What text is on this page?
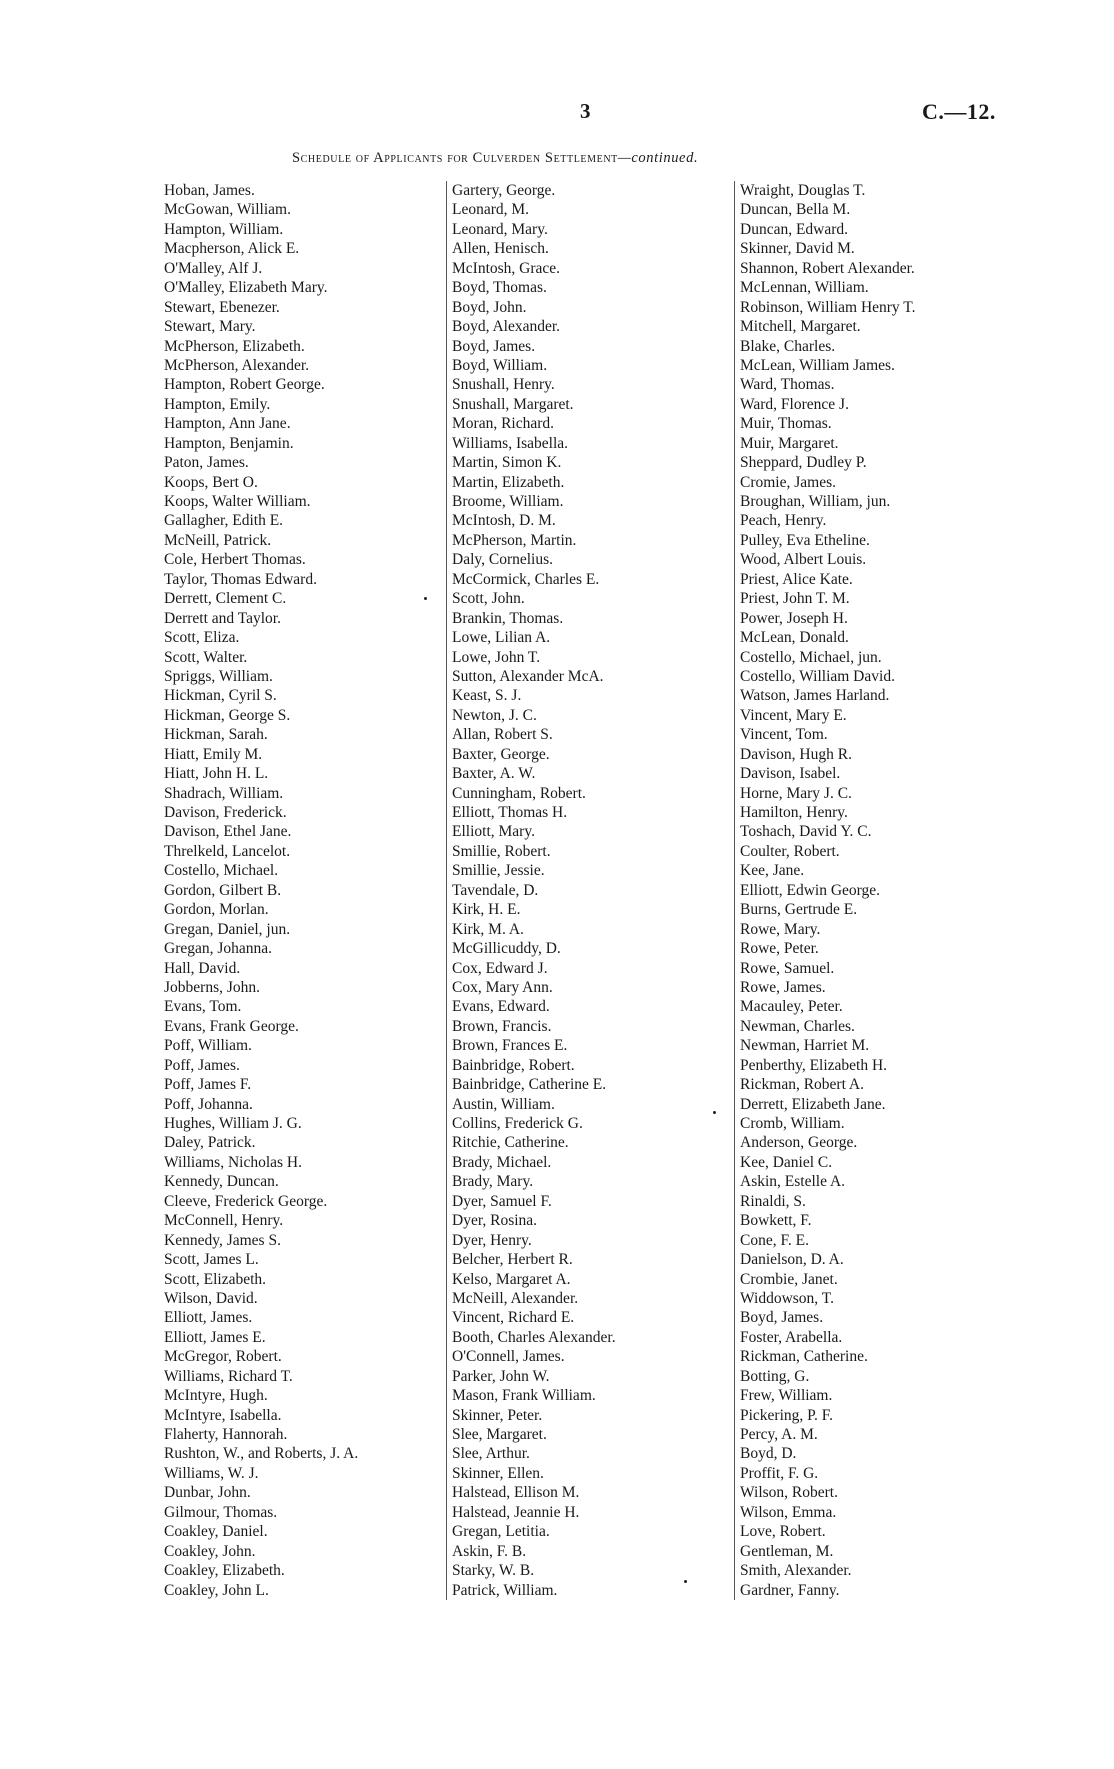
3	C.—12.
Schedule of Applicants for Culverden Settlement—continued.
Hoban, James.
McGowan, William.
Hampton, William.
Macpherson, Alick E.
O'Malley, Alf J.
O'Malley, Elizabeth Mary.
Stewart, Ebenezer.
Stewart, Mary.
McPherson, Elizabeth.
McPherson, Alexander.
Hampton, Robert George.
Hampton, Emily.
Hampton, Ann Jane.
Hampton, Benjamin.
Paton, James.
Koops, Bert O.
Koops, Walter William.
Gallagher, Edith E.
McNeill, Patrick.
Cole, Herbert Thomas.
Taylor, Thomas Edward.
Derrett, Clement C.
Derrett and Taylor.
Scott, Eliza.
Scott, Walter.
Spriggs, William.
Hickman, Cyril S.
Hickman, George S.
Hickman, Sarah.
Hiatt, Emily M.
Hiatt, John H. L.
Shadrach, William.
Davison, Frederick.
Davison, Ethel Jane.
Threlkeld, Lancelot.
Costello, Michael.
Gordon, Gilbert B.
Gordon, Morlan.
Gregan, Daniel, jun.
Gregan, Johanna.
Hall, David.
Jobberns, John.
Evans, Tom.
Evans, Frank George.
Poff, William.
Poff, James.
Poff, James F.
Poff, Johanna.
Hughes, William J. G.
Daley, Patrick.
Williams, Nicholas H.
Kennedy, Duncan.
Cleeve, Frederick George.
McConnell, Henry.
Kennedy, James S.
Scott, James L.
Scott, Elizabeth.
Wilson, David.
Elliott, James.
Elliott, James E.
McGregor, Robert.
Williams, Richard T.
McIntyre, Hugh.
McIntyre, Isabella.
Flaherty, Hannorah.
Rushton, W., and Roberts, J. A.
Williams, W. J.
Dunbar, John.
Gilmour, Thomas.
Coakley, Daniel.
Coakley, John.
Coakley, Elizabeth.
Coakley, John L.
Gartery, George.
Leonard, M.
Leonard, Mary.
Allen, Henisch.
McIntosh, Grace.
Boyd, Thomas.
Boyd, John.
Boyd, Alexander.
Boyd, James.
Boyd, William.
Snushall, Henry.
Snushall, Margaret.
Moran, Richard.
Williams, Isabella.
Martin, Simon K.
Martin, Elizabeth.
Broome, William.
McIntosh, D. M.
McPherson, Martin.
Daly, Cornelius.
McCormick, Charles E.
Scott, John.
Brankin, Thomas.
Lowe, Lilian A.
Lowe, John T.
Sutton, Alexander McA.
Keast, S. J.
Newton, J. C.
Allan, Robert S.
Baxter, George.
Baxter, A. W.
Cunningham, Robert.
Elliott, Thomas H.
Elliott, Mary.
Smillie, Robert.
Smillie, Jessie.
Tavendale, D.
Kirk, H. E.
Kirk, M. A.
McGillicuddy, D.
Cox, Edward J.
Cox, Mary Ann.
Evans, Edward.
Brown, Francis.
Brown, Frances E.
Bainbridge, Robert.
Bainbridge, Catherine E.
Austin, William.
Collins, Frederick G.
Ritchie, Catherine.
Brady, Michael.
Brady, Mary.
Dyer, Samuel F.
Dyer, Rosina.
Dyer, Henry.
Belcher, Herbert R.
Kelso, Margaret A.
McNeill, Alexander.
Vincent, Richard E.
Booth, Charles Alexander.
O'Connell, James.
Parker, John W.
Mason, Frank William.
Skinner, Peter.
Slee, Margaret.
Slee, Arthur.
Skinner, Ellen.
Halstead, Ellison M.
Halstead, Jeannie H.
Gregan, Letitia.
Askin, F. B.
Starky, W. B.
Patrick, William.
Wraight, Douglas T.
Duncan, Bella M.
Duncan, Edward.
Skinner, David M.
Shannon, Robert Alexander.
McLennan, William.
Robinson, William Henry T.
Mitchell, Margaret.
Blake, Charles.
McLean, William James.
Ward, Thomas.
Ward, Florence J.
Muir, Thomas.
Muir, Margaret.
Sheppard, Dudley P.
Cromie, James.
Broughan, William, jun.
Peach, Henry.
Pulley, Eva Etheline.
Wood, Albert Louis.
Priest, Alice Kate.
Priest, John T. M.
Power, Joseph H.
McLean, Donald.
Costello, Michael, jun.
Costello, William David.
Watson, James Harland.
Vincent, Mary E.
Vincent, Tom.
Davison, Hugh R.
Davison, Isabel.
Horne, Mary J. C.
Hamilton, Henry.
Toshach, David Y. C.
Coulter, Robert.
Kee, Jane.
Elliott, Edwin George.
Burns, Gertrude E.
Rowe, Mary.
Rowe, Peter.
Rowe, Samuel.
Rowe, James.
Macauley, Peter.
Newman, Charles.
Newman, Harriet M.
Penberthy, Elizabeth H.
Rickman, Robert A.
Derrett, Elizabeth Jane.
Cromb, William.
Anderson, George.
Kee, Daniel C.
Askin, Estelle A.
Rinaldi, S.
Bowkett, F.
Cone, F. E.
Danielson, D. A.
Crombie, Janet.
Widdowson, T.
Boyd, James.
Foster, Arabella.
Rickman, Catherine.
Botting, G.
Frew, William.
Pickering, P. F.
Percy, A. M.
Boyd, D.
Proffit, F. G.
Wilson, Robert.
Wilson, Emma.
Love, Robert.
Gentleman, M.
Smith, Alexander.
Gardner, Fanny.
